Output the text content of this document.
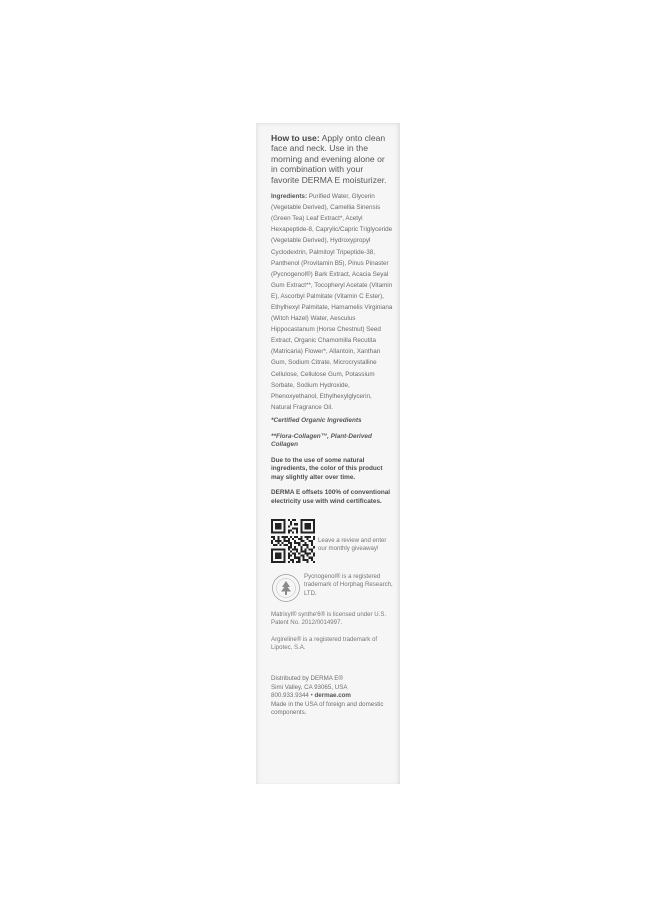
How to use: Apply onto clean face and neck. Use in the morning and evening alone or in combination with your favorite DERMA E moisturizer.

Ingredients: Purified Water, Glycerin (Vegetable Derived), Camellia Sinensis (Green Tea) Leaf Extract*, Acetyl Hexapeptide-8, Caprylic/Capric Triglyceride (Vegetable Derived), Hydroxypropyl Cyclodextrin, Palmitoyl Tripeptide-38, Panthenol (Provitamin B5), Pinus Pinaster (Pycnogenol®) Bark Extract, Acacia Seyal Gum Extract**, Tocopheryl Acetate (Vitamin E), Ascorbyl Palmitate (Vitamin C Ester), Ethylhexyl Palmitate, Hamamelis Virginiana (Witch Hazel) Water, Aesculus Hippocastanum (Horse Chestnut) Seed Extract, Organic Chamomilla Recutita (Matricaria) Flower*, Allantoin, Xanthan Gum, Sodium Citrate, Microcrystalline Cellulose, Cellulose Gum, Potassium Sorbate, Sodium Hydroxide, Phenoxyethanol, Ethylhexylglycerin, Natural Fragrance Oil.

*Certified Organic Ingredients

**Flora-Collagen™, Plant-Derived Collagen

Due to the use of some natural ingredients, the color of this product may slightly alter over time.

DERMA E offsets 100% of conventional electricity use with wind certificates.

Leave a review and enter our monthly giveaway!
Pycnogenol® is a registered trademark of Horphag Research, LTD.

Matrixyl® synthe'6® is licensed under U.S. Patent No. 2012/0014997.

Argireline® is a registered trademark of Lipotec, S.A.

Distributed by DERMA E®
Simi Valley, CA 93065, USA
800.933.9344 • dermae.com
Made in the USA of foreign and domestic components.
